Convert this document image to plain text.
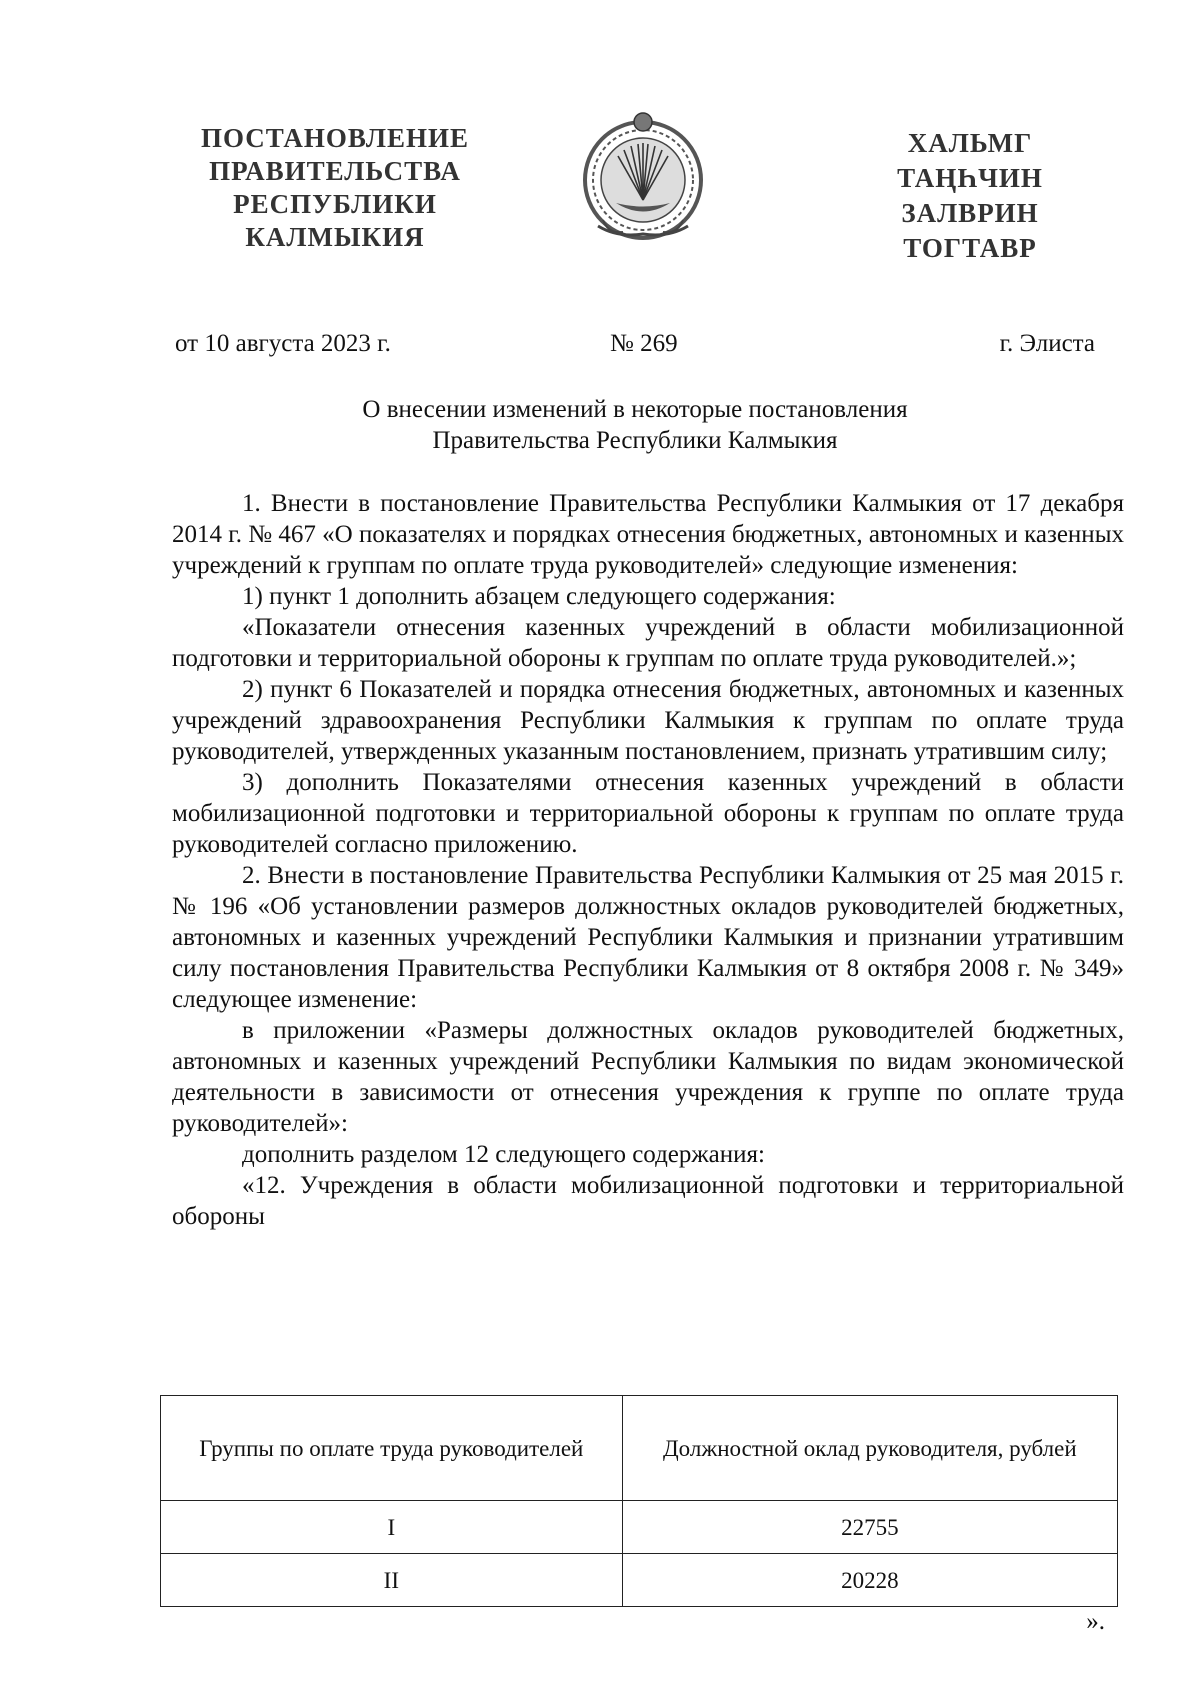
ПОСТАНОВЛЕНИЕ
ПРАВИТЕЛЬСТВА
РЕСПУБЛИКИ
КАЛМЫКИЯ
ХАЛЬМГ
ТАҢҺЧИН
ЗАЛВРИН
ТОГТАВР
от 10 августа 2023 г.	№ 269	г. Элиста
О внесении изменений в некоторые постановления
Правительства Республики Калмыкия

1. Внести в постановление Правительства Республики Калмыкия от 17 декабря 2014 г. № 467 «О показателях и порядках отнесения бюджетных, автономных и казенных учреждений к группам по оплате труда руководителей» следующие изменения:

1) пункт 1 дополнить абзацем следующего содержания:

«Показатели отнесения казенных учреждений в области мобилизационной подготовки и территориальной обороны к группам по оплате труда руководителей.»;

2) пункт 6 Показателей и порядка отнесения бюджетных, автономных и казенных учреждений здравоохранения Республики Калмыкия к группам по оплате труда руководителей, утвержденных указанным постановлением, признать утратившим силу;

3) дополнить Показателями отнесения казенных учреждений в области мобилизационной подготовки и территориальной обороны к группам по оплате труда руководителей согласно приложению.

2. Внести в постановление Правительства Республики Калмыкия от 25 мая 2015 г. № 196 «Об установлении размеров должностных окладов руководителей бюджетных, автономных и казенных учреждений Республики Калмыкия и признании утратившим силу постановления Правительства Республики Калмыкия от 8 октября 2008 г. № 349» следующее изменение:

в приложении «Размеры должностных окладов руководителей бюджетных, автономных и казенных учреждений Республики Калмыкия по видам экономической деятельности в зависимости от отнесения учреждения к группе по оплате труда руководителей»:

дополнить разделом 12 следующего содержания:

«12. Учреждения в области мобилизационной подготовки и территориальной обороны

Группы по оплате труда руководителей	Должностной оклад руководителя, рублей
I	22755
II	20228
».
